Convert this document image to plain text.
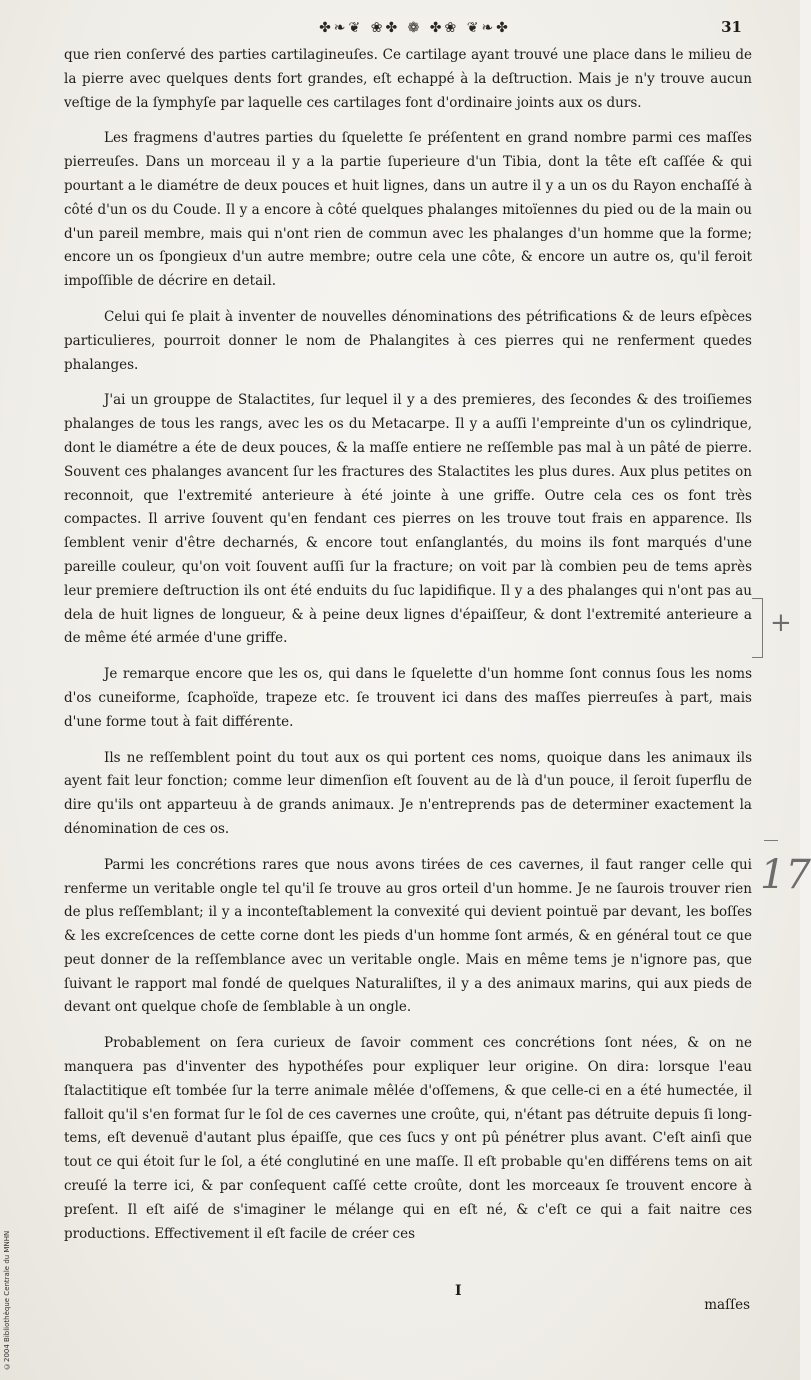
✤❧❦ ❀✤ ❁ ✤❀ ❦❧✤	31

que rien conſervé des parties cartilagineuſes. Ce cartilage ayant trouvé une place dans le milieu de la pierre avec quelques dents fort grandes, eſt echappé à la deſtruction. Mais je n'y trouve aucun veſtige de la ſymphyſe par laquelle ces cartilages font d'ordinaire joints aux os durs.

Les fragmens d'autres parties du ſquelette ſe préſentent en grand nombre parmi ces maſſes pierreuſes. Dans un morceau il y a la partie ſuperieure d'un Tibia, dont la tête eſt caſſée & qui pourtant a le diamétre de deux pouces et huit lignes, dans un autre il y a un os du Rayon enchaſſé à côté d'un os du Coude. Il y a encore à côté quelques phalanges mitoïennes du pied ou de la main ou d'un pareil membre, mais qui n'ont rien de commun avec les phalanges d'un homme que la forme; encore un os ſpongieux d'un autre membre; outre cela une côte, & encore un autre os, qu'il feroit impoſſible de décrire en detail.

Celui qui ſe plait à inventer de nouvelles dénominations des pétrifications & de leurs eſpèces particulieres, pourroit donner le nom de Phalangites à ces pierres qui ne renferment quedes phalanges.

J'ai un grouppe de Stalactites, ſur lequel il y a des premieres, des ſecondes & des troiſiemes phalanges de tous les rangs, avec les os du Metacarpe. Il y a auſſi l'empreinte d'un os cylindrique, dont le diamétre a éte de deux pouces, & la maſſe entiere ne reſſemble pas mal à un pâté de pierre. Souvent ces phalanges avancent ſur les fractures des Stalactites les plus dures. Aux plus petites on reconnoit, que l'extremité anterieure à été jointe à une griffe. Outre cela ces os font très compactes. Il arrive ſouvent qu'en fendant ces pierres on les trouve tout frais en apparence. Ils ſemblent venir d'être decharnés, & encore tout enſanglantés, du moins ils font marqués d'une pareille couleur, qu'on voit ſouvent auſſi ſur la fracture; on voit par là combien peu de tems après leur premiere deſtruction ils ont été enduits du ſuc lapidifique. Il y a des phalanges qui n'ont pas au dela de huit lignes de longueur, & à peine deux lignes d'épaiſſeur, & dont l'extremité anterieure a de même été armée d'une griffe.

Je remarque encore que les os, qui dans le ſquelette d'un homme ſont connus ſous les noms d'os cuneiforme, ſcaphoïde, trapeze etc. ſe trouvent ici dans des maſſes pierreuſes à part, mais d'une forme tout à fait différente.

Ils ne reſſemblent point du tout aux os qui portent ces noms, quoique dans les animaux ils ayent fait leur fonction; comme leur dimenſion eſt ſouvent au de là d'un pouce, il ſeroit ſuperflu de dire qu'ils ont apparteuu à de grands animaux. Je n'entreprends pas de determiner exactement la dénomination de ces os.

Parmi les concrétions rares que nous avons tirées de ces cavernes, il faut ranger celle qui renferme un veritable ongle tel qu'il ſe trouve au gros orteil d'un homme. Je ne ſaurois trouver rien de plus reſſemblant; il y a inconteſtablement la convexité qui devient pointuë par devant, les boſſes & les excreſcences de cette corne dont les pieds d'un homme ſont armés, & en général tout ce que peut donner de la reſſemblance avec un veritable ongle. Mais en même tems je n'ignore pas, que ſuivant le rapport mal fondé de quelques Naturaliſtes, il y a des animaux marins, qui aux pieds de devant ont quelque choſe de ſemblable à un ongle.

Probablement on ſera curieux de ſavoir comment ces concrétions ſont nées, & on ne manquera pas d'inventer des hypothéſes pour expliquer leur origine. On dira: lorsque l'eau ſtalactitique eſt tombée ſur la terre animale mêlée d'oſſemens, & que celle-ci en a été humectée, il falloit qu'il s'en format ſur le ſol de ces cavernes une croûte, qui, n'étant pas détruite depuis ſi long-tems, eſt devenuë d'autant plus épaiſſe, que ces ſucs y ont pû pénétrer plus avant. C'eſt ainſi que tout ce qui étoit ſur le ſol, a été conglutiné en une maſſe. Il eſt probable qu'en différens tems on ait creuſé la terre ici, & par conſequent caſſé cette croûte, dont les morceaux ſe trouvent encore à preſent. Il eſt aiſé de s'imaginer le mélange qui en eſt né, & c'eſt ce qui a fait naitre ces productions. Effectivement il eſt facile de créer ces

I
maſſes
+
17
©2004 Bibliothèque Centrale du MNHN
